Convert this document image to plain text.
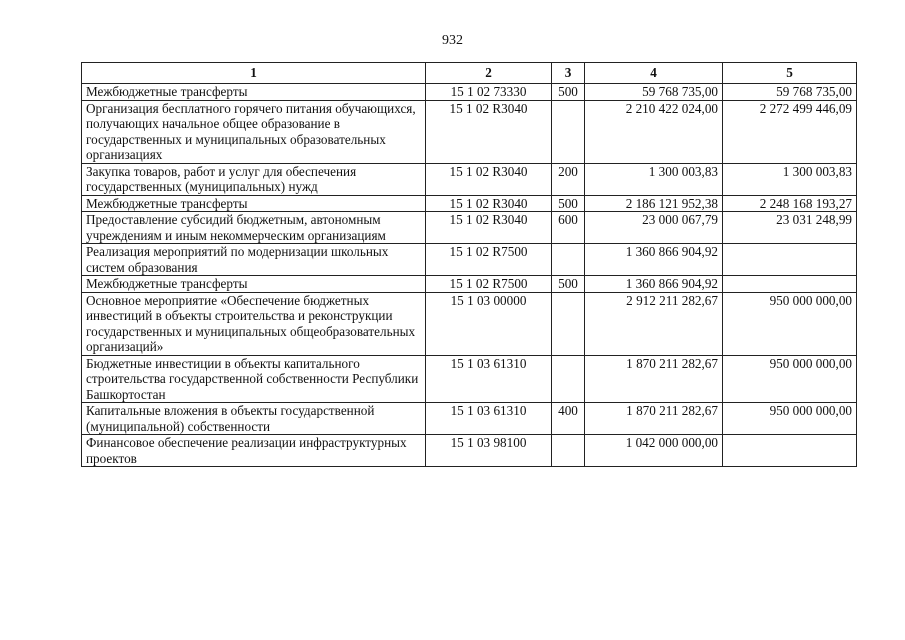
932
1	2	3	4	5
Межбюджетные трансферты	15 1 02 73330	500	59 768 735,00	59 768 735,00
Организация бесплатного горячего питания обучающихся, получающих начальное общее образование в государственных и муниципальных образовательных организациях	15 1 02 R3040		2 210 422 024,00	2 272 499 446,09
Закупка товаров, работ и услуг для обеспечения государственных (муниципальных) нужд	15 1 02 R3040	200	1 300 003,83	1 300 003,83
Межбюджетные трансферты	15 1 02 R3040	500	2 186 121 952,38	2 248 168 193,27
Предоставление субсидий бюджетным, автономным учреждениям и иным некоммерческим организациям	15 1 02 R3040	600	23 000 067,79	23 031 248,99
Реализация мероприятий по модернизации школьных систем образования	15 1 02 R7500		1 360 866 904,92	
Межбюджетные трансферты	15 1 02 R7500	500	1 360 866 904,92	
Основное мероприятие «Обеспечение бюджетных инвестиций в объекты строительства и реконструкции государственных и муниципальных общеобразовательных организаций»	15 1 03 00000		2 912 211 282,67	950 000 000,00
Бюджетные инвестиции в объекты капитального строительства государственной собственности Республики Башкортостан	15 1 03 61310		1 870 211 282,67	950 000 000,00
Капитальные вложения в объекты государственной (муниципальной) собственности	15 1 03 61310	400	1 870 211 282,67	950 000 000,00
Финансовое обеспечение реализации инфраструктурных проектов	15 1 03 98100		1 042 000 000,00	
